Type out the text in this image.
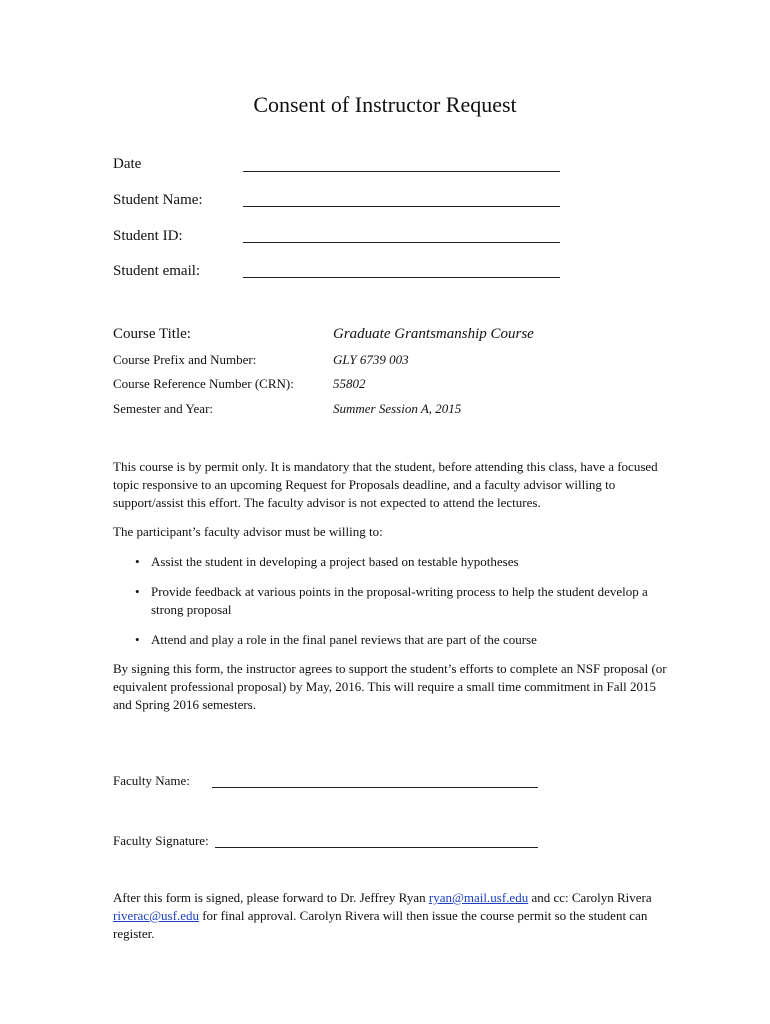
Consent of Instructor Request
Date
Student Name:
Student ID:
Student email:
Course Title:	Graduate Grantsmanship Course
Course Prefix and Number:	GLY 6739 003
Course Reference Number (CRN):	55802
Semester and Year:	Summer Session A, 2015
This course is by permit only. It is mandatory that the student, before attending this class, have a focused topic responsive to an upcoming Request for Proposals deadline, and a faculty advisor willing to support/assist this effort. The faculty advisor is not expected to attend the lectures.
The participant’s faculty advisor must be willing to:
• Assist the student in developing a project based on testable hypotheses
• Provide feedback at various points in the proposal-writing process to help the student develop a strong proposal
• Attend and play a role in the final panel reviews that are part of the course
By signing this form, the instructor agrees to support the student’s efforts to complete an NSF proposal (or equivalent professional proposal) by May, 2016. This will require a small time commitment in Fall 2015 and Spring 2016 semesters.
Faculty Name:
Faculty Signature:
After this form is signed, please forward to Dr. Jeffrey Ryan ryan@mail.usf.edu and cc: Carolyn Rivera riverac@usf.edu for final approval. Carolyn Rivera will then issue the course permit so the student can register.
